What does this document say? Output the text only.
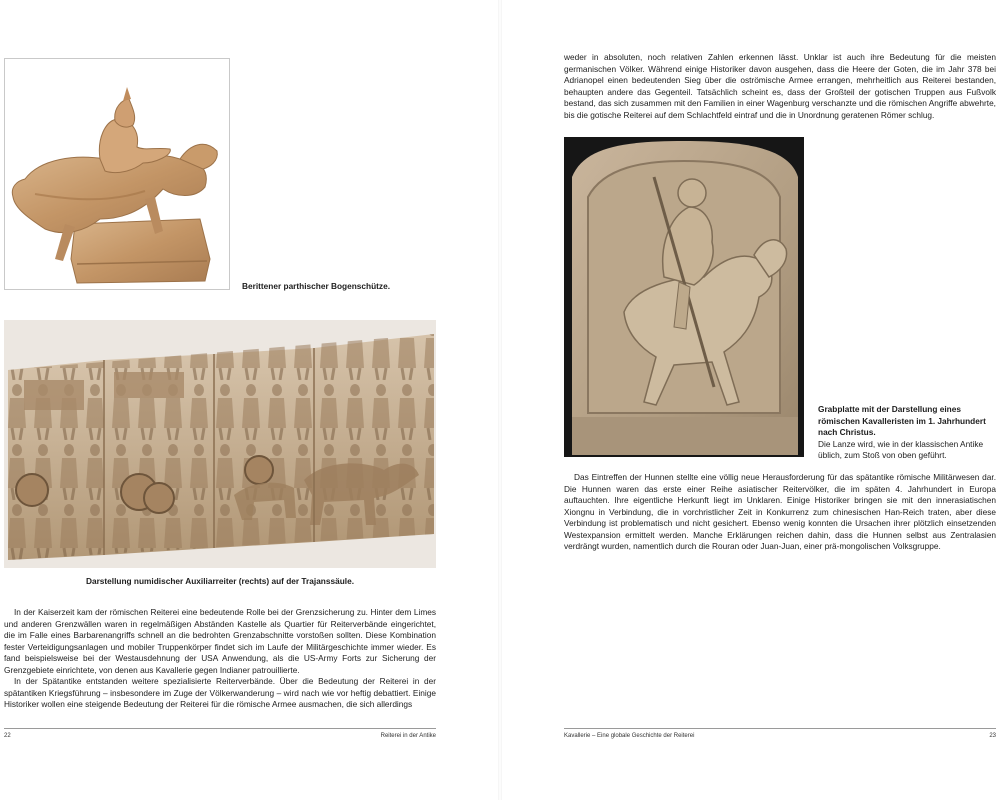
Berittener parthischer Bogenschütze.
Darstellung numidischer Auxiliarreiter (rechts) auf der Trajanssäule.

In der Kaiserzeit kam der römischen Reiterei eine bedeutende Rolle bei der Grenzsicherung zu. Hinter dem Limes und anderen Grenzwällen waren in regelmäßigen Abständen Kastelle als Quartier für Reiterverbände eingerichtet, die im Falle eines Barbarenangriffs schnell an die bedrohten Grenzabschnitte vorstoßen sollten. Diese Kombination fester Verteidigungsanlagen und mobiler Truppenkörper findet sich im Laufe der Militärgeschichte immer wieder. Es fand beispielsweise bei der Westausdehnung der USA Anwendung, als die US-Army Forts zur Sicherung der Grenzgebiete einrichtete, von denen aus Kavallerie gegen Indianer patrouillierte.

In der Spätantike entstanden weitere spezialisierte Reiterverbände. Über die Bedeutung der Reiterei in der spätantiken Kriegsführung – insbesondere im Zuge der Völkerwanderung – wird nach wie vor heftig debattiert. Einige Historiker wollen eine steigende Bedeutung der Reiterei für die römische Armee ausmachen, die sich allerdings

22	Reiterei in der Antike

weder in absoluten, noch relativen Zahlen erkennen lässt. Unklar ist auch ihre Bedeutung für die meisten germanischen Völker. Während einige Historiker davon ausgehen, dass die Heere der Goten, die im Jahr 378 bei Adrianopel einen bedeutenden Sieg über die oströmische Armee errangen, mehrheitlich aus Reiterei bestanden, behaupten andere das Gegenteil. Tatsächlich scheint es, dass der Großteil der gotischen Truppen aus Fußvolk bestand, das sich zusammen mit den Familien in einer Wagenburg verschanzte und die römischen Angriffe abwehrte, bis die gotische Reiterei auf dem Schlachtfeld eintraf und die in Unordnung geratenen Römer schlug.

Grabplatte mit der Darstellung eines römischen Kavalleristen im 1. Jahrhundert nach Christus.
Die Lanze wird, wie in der klassischen Antike üblich, zum Stoß von oben geführt.

Das Eintreffen der Hunnen stellte eine völlig neue Herausforderung für das spätantike römische Militärwesen dar. Die Hunnen waren das erste einer Reihe asiatischer Reitervölker, die im späten 4. Jahrhundert in Europa auftauchten. Ihre eigentliche Herkunft liegt im Unklaren. Einige Historiker bringen sie mit den innerasiatischen Xiongnu in Verbindung, die in vorchristlicher Zeit in Konkurrenz zum chinesischen Han-Reich traten, aber diese Verbindung ist problematisch und nicht gesichert. Ebenso wenig konnten die Ursachen ihrer plötzlich einsetzenden Westexpansion ermittelt werden. Manche Erklärungen reichen dahin, dass die Hunnen selbst aus Zentralasien verdrängt wurden, namentlich durch die Rouran oder Juan-Juan, einer prä-mongolischen Volksgruppe.

Kavallerie – Eine globale Geschichte der Reiterei	23
